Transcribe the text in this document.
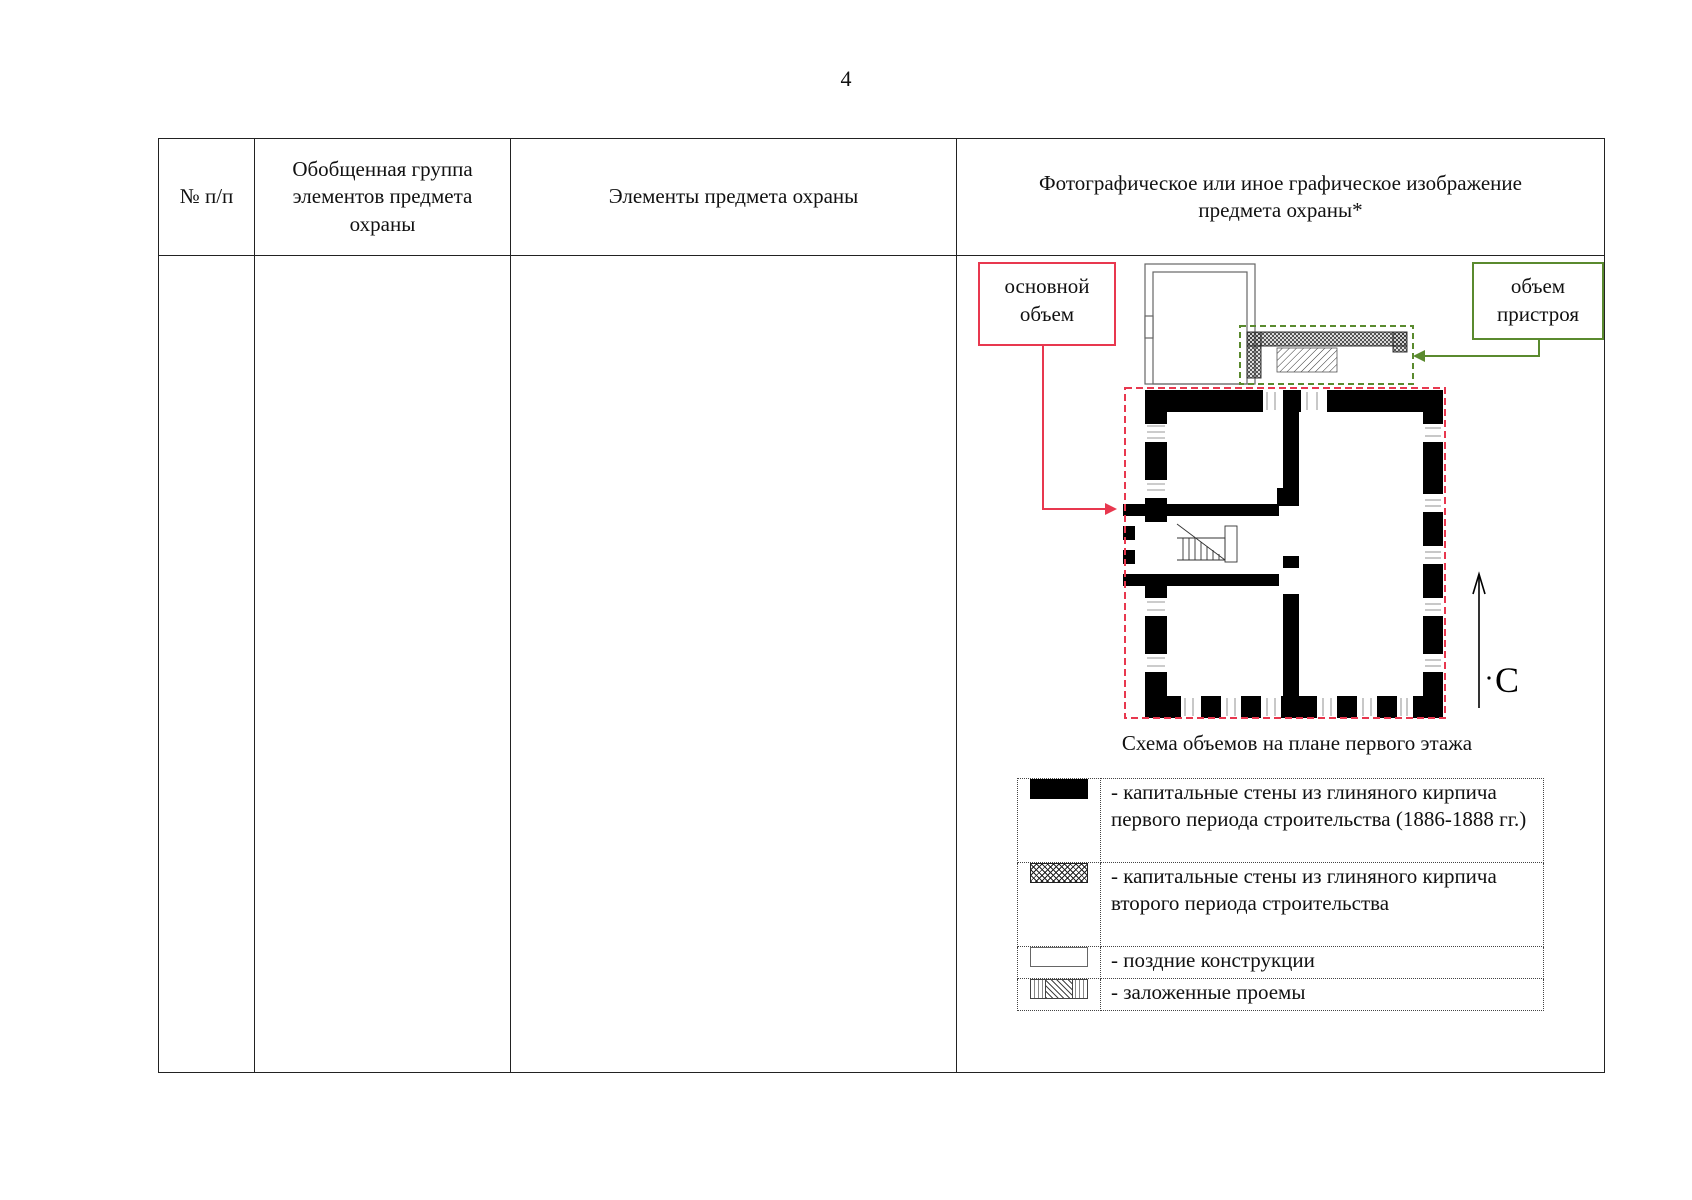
4
№ п/п	Обобщенная группа элементов предмета охраны	Элементы предмета охраны	Фотографическое или иное графическое изображение предмета охраны*

С
основной объем
объем пристроя
Схема объемов на плане первого этажа
	- капитальные стены из глиняного кирпича первого периода строительства (1886-1888 гг.)
	- капитальные стены из глиняного кирпича второго периода строительства
	- поздние конструкции
	- заложенные проемы
